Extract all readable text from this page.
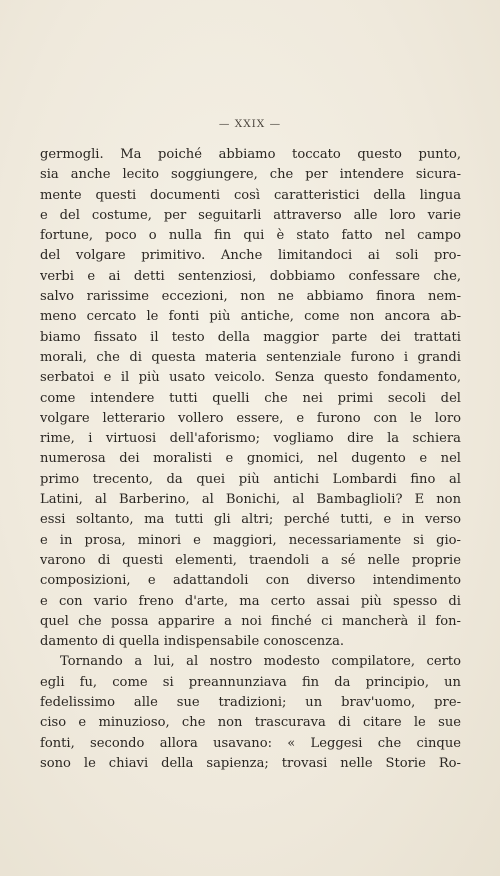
— XXIX —
germogli. Ma poiché abbiamo toccato questo punto,
sia anche lecito soggiungere, che per intendere sicura-
mente questi documenti così caratteristici della lingua
e del costume, per seguitarli attraverso alle loro varie
fortune, poco o nulla fin qui è stato fatto nel campo
del volgare primitivo. Anche limitandoci ai soli pro-
verbi e ai detti sentenziosi, dobbiamo confessare che,
salvo rarissime eccezioni, non ne abbiamo finora nem-
meno cercato le fonti più antiche, come non ancora ab-
biamo fissato il testo della maggior parte dei trattati
morali, che di questa materia sentenziale furono i grandi
serbatoi e il più usato veicolo. Senza questo fondamento,
come intendere tutti quelli che nei primi secoli del
volgare letterario vollero essere, e furono con le loro
rime, i virtuosi dell'aforismo; vogliamo dire la schiera
numerosa dei moralisti e gnomici, nel dugento e nel
primo trecento, da quei più antichi Lombardi fino al
Latini, al Barberino, al Bonichi, al Bambaglioli? E non
essi soltanto, ma tutti gli altri; perché tutti, e in verso
e in prosa, minori e maggiori, necessariamente si gio-
varono di questi elementi, traendoli a sé nelle proprie
composizioni, e adattandoli con diverso intendimento
e con vario freno d'arte, ma certo assai più spesso di
quel che possa apparire a noi finché ci mancherà il fon-
damento di quella indispensabile conoscenza.
Tornando a lui, al nostro modesto compilatore, certo
egli fu, come si preannunziava fin da principio, un
fedelissimo alle sue tradizioni; un brav'uomo, pre-
ciso e minuzioso, che non trascurava di citare le sue
fonti, secondo allora usavano: « Leggesi che cinque
sono le chiavi della sapienza; trovasi nelle Storie Ro-
